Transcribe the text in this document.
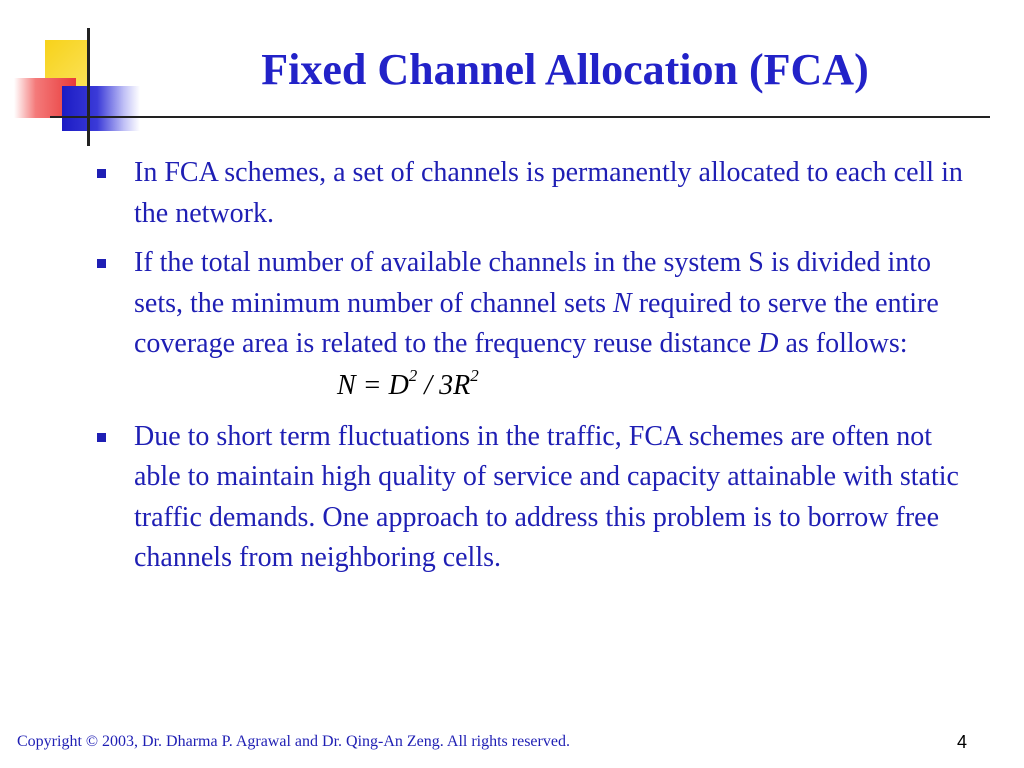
Fixed Channel Allocation (FCA)
In FCA schemes, a set of channels is permanently allocated to each cell in the network.
If the total number of available channels in the system S is divided into sets, the minimum number of channel sets N required to serve the entire coverage area is related to the frequency reuse distance D as follows:
$N = D^2 / 3R^2$
Due to short term fluctuations in the traffic, FCA schemes are often not able to maintain high quality of service and capacity attainable with static traffic demands. One approach to address this problem is to borrow free channels from neighboring cells.
Copyright © 2003, Dr. Dharma P. Agrawal and Dr. Qing-An Zeng. All rights reserved.	4
